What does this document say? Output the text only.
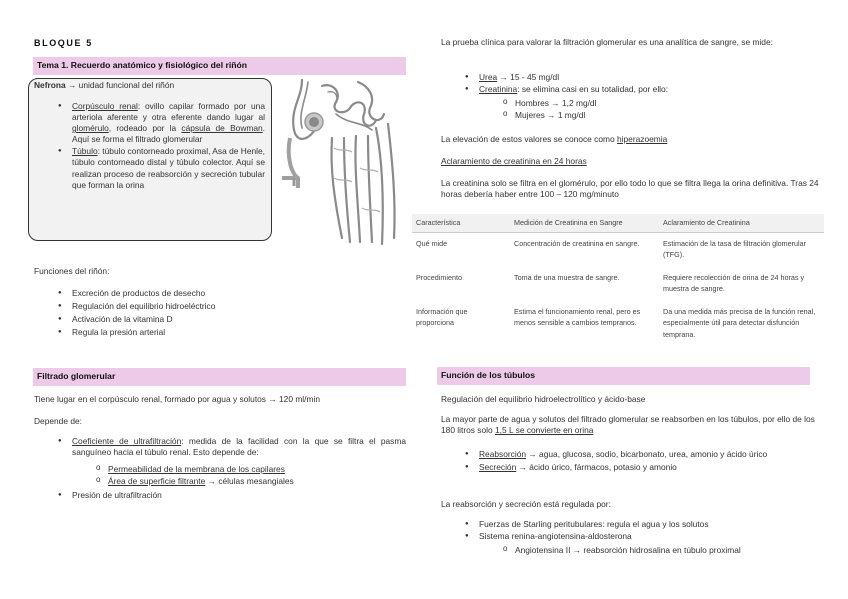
BLOQUE 5
Tema 1. Recuerdo anatómico y fisiológico del riñón
Nefrona → unidad funcional del riñón
● Corpúsculo renal: ovillo capilar formado por una arteriola aferente y otra eferente dando lugar al glomérulo, rodeado por la cápsula de Bowman. Aquí se forma el filtrado glomerular
● Túbulo: túbulo contorneado proximal, Asa de Henle, túbulo contorneado distal y túbulo colector. Aquí se realizan proceso de reabsorción y secreción tubular que forman la orina
Funciones del riñón:
● Excreción de productos de desecho
● Regulación del equilibrio hidroeléctrico
● Activación de la vitamina D
● Regula la presión arterial
Filtrado glomerular
Tiene lugar en el corpúsculo renal, formado por agua y solutos → 120 ml/min
Depende de:
● Coeficiente de ultrafiltración: medida de la facilidad con la que se filtra el pasma sanguíneo hacia el túbulo renal. Esto depende de:
o Permeabilidad de la membrana de los capilares
o Área de superficie filtrante → células mesangiales
● Presión de ultrafiltración
La prueba clínica para valorar la filtración glomerular es una analítica de sangre, se mide:
● Urea → 15 - 45 mg/dl
● Creatinina: se elimina casi en su totalidad, por ello:
o Hombres → 1,2 mg/dl
o Mujeres → 1 mg/dl
La elevación de estos valores se conoce como hiperazoemia
Aclaramiento de creatinina en 24 horas
La creatinina solo se filtra en el glomérulo, por ello todo lo que se filtra llega la orina definitiva. Tras 24 horas debería haber entre 100 – 120 mg/minuto
Característica	Medición de Creatinina en Sangre	Aclaramiento de Creatinina
Qué mide	Concentración de creatinina en sangre.	Estimación de la tasa de filtración glomerular (TFG).
Procedimiento	Toma de una muestra de sangre.	Requiere recolección de orina de 24 horas y muestra de sangre.
Información que proporciona	Estima el funcionamiento renal, pero es menos sensible a cambios tempranos.	Da una medida más precisa de la función renal, especialmente útil para detectar disfunción temprana.
Función de los túbulos
Regulación del equilibrio hidroelectrolítico y ácido-base
La mayor parte de agua y solutos del filtrado glomerular se reabsorben en los túbulos, por ello de los 180 litros solo 1,5 L se convierte en orina
● Reabsorción → agua, glucosa, sodio, bicarbonato, urea, amonio y ácido úrico
● Secreción → ácido úrico, fármacos, potasio y amonio
La reabsorción y secreción está regulada por:
● Fuerzas de Starling peritubulares: regula el agua y los solutos
● Sistema renina-angiotensina-aldosterona
o Angiotensina II → reabsorción hidrosalina en túbulo proximal
